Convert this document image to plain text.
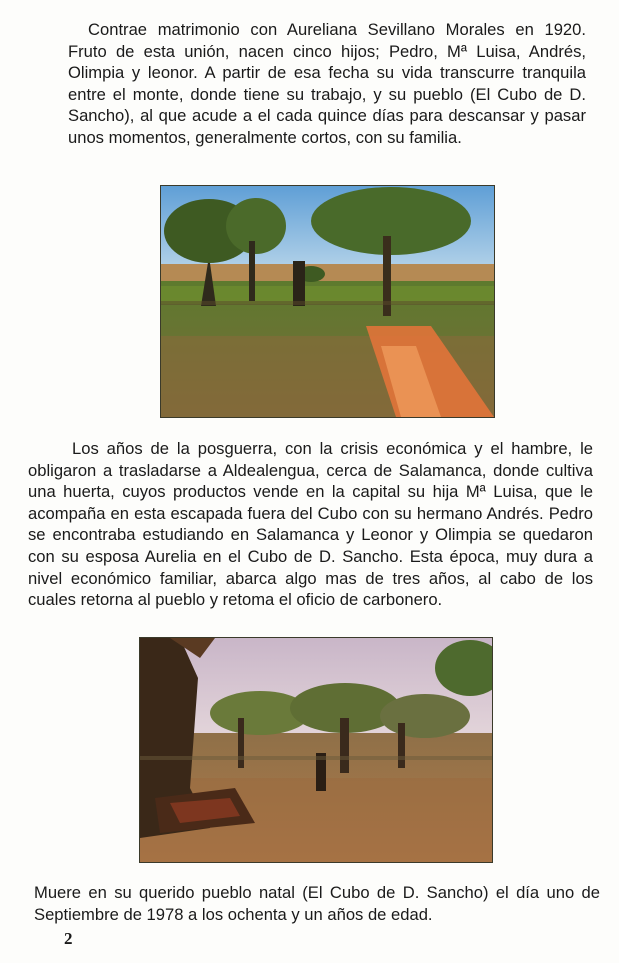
Contrae matrimonio con Aureliana Sevillano Morales en 1920. Fruto de esta unión, nacen cinco hijos; Pedro, Mª Luisa, Andrés, Olimpia y leonor. A partir de esa fecha su vida transcurre tranquila entre el monte, donde tiene su trabajo, y su pueblo (El Cubo de D. Sancho), al que acude a el cada quince días para descansar y pasar unos momentos, generalmente cortos, con su familia.

Los años de la posguerra, con la crisis económica y el hambre, le obligaron a trasladarse a Aldealengua, cerca de Salamanca, donde cultiva una huerta, cuyos productos vende en la capital su hija Mª Luisa, que le acompaña en esta escapada fuera del Cubo con su hermano Andrés. Pedro se encontraba estudiando en Salamanca y Leonor y Olimpia se quedaron con su esposa Aurelia en el Cubo de D. Sancho. Esta época, muy dura a nivel económico familiar, abarca algo mas de tres años, al cabo de los cuales retorna al pueblo y retoma el oficio de carbonero.

Muere en su querido pueblo natal (El Cubo de D. Sancho) el día uno de Septiembre de 1978 a los ochenta y un años de edad.

2
